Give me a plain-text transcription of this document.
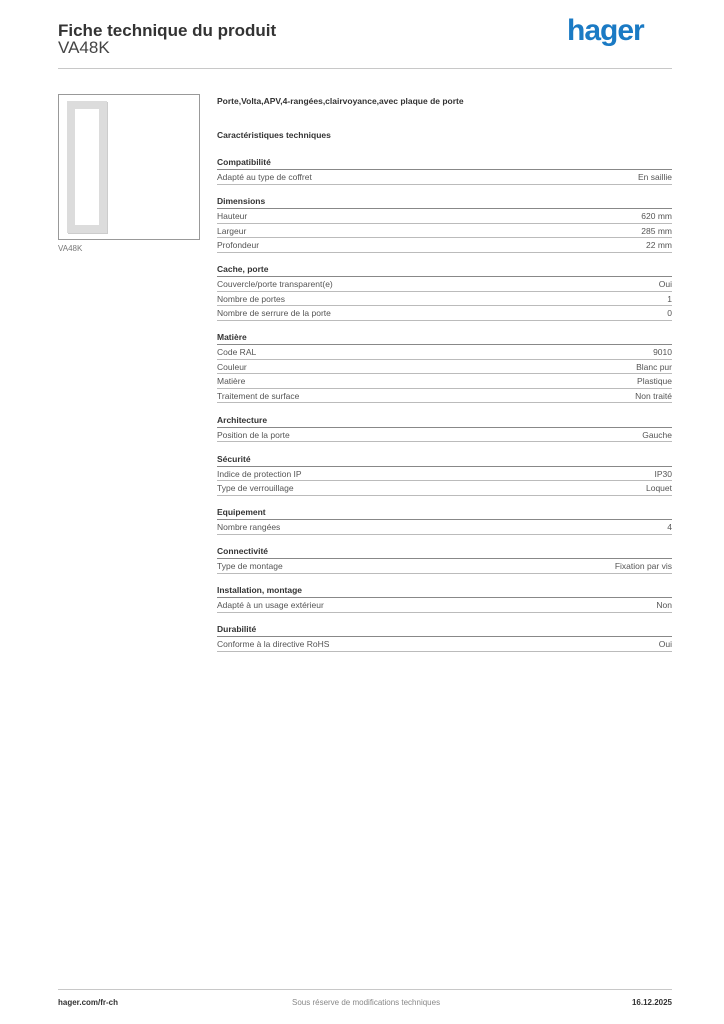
Fiche technique du produit
VA48K
hager
VA48K
Porte,Volta,APV,4-rangées,clairvoyance,avec plaque de porte
Caractéristiques techniques
Compatibilité
Adapté au type de coffret	En saillie
Dimensions
Hauteur	620 mm
Largeur	285 mm
Profondeur	22 mm
Cache, porte
Couvercle/porte transparent(e)	Oui
Nombre de portes	1
Nombre de serrure de la porte	0
Matière
Code RAL	9010
Couleur	Blanc pur
Matière	Plastique
Traitement de surface	Non traité
Architecture
Position de la porte	Gauche
Sécurité
Indice de protection IP	IP30
Type de verrouillage	Loquet
Equipement
Nombre rangées	4
Connectivité
Type de montage	Fixation par vis
Installation, montage
Adapté à un usage extérieur	Non
Durabilité
Conforme à la directive RoHS	Oui
hager.com/fr-ch	Sous réserve de modifications techniques	16.12.2025
